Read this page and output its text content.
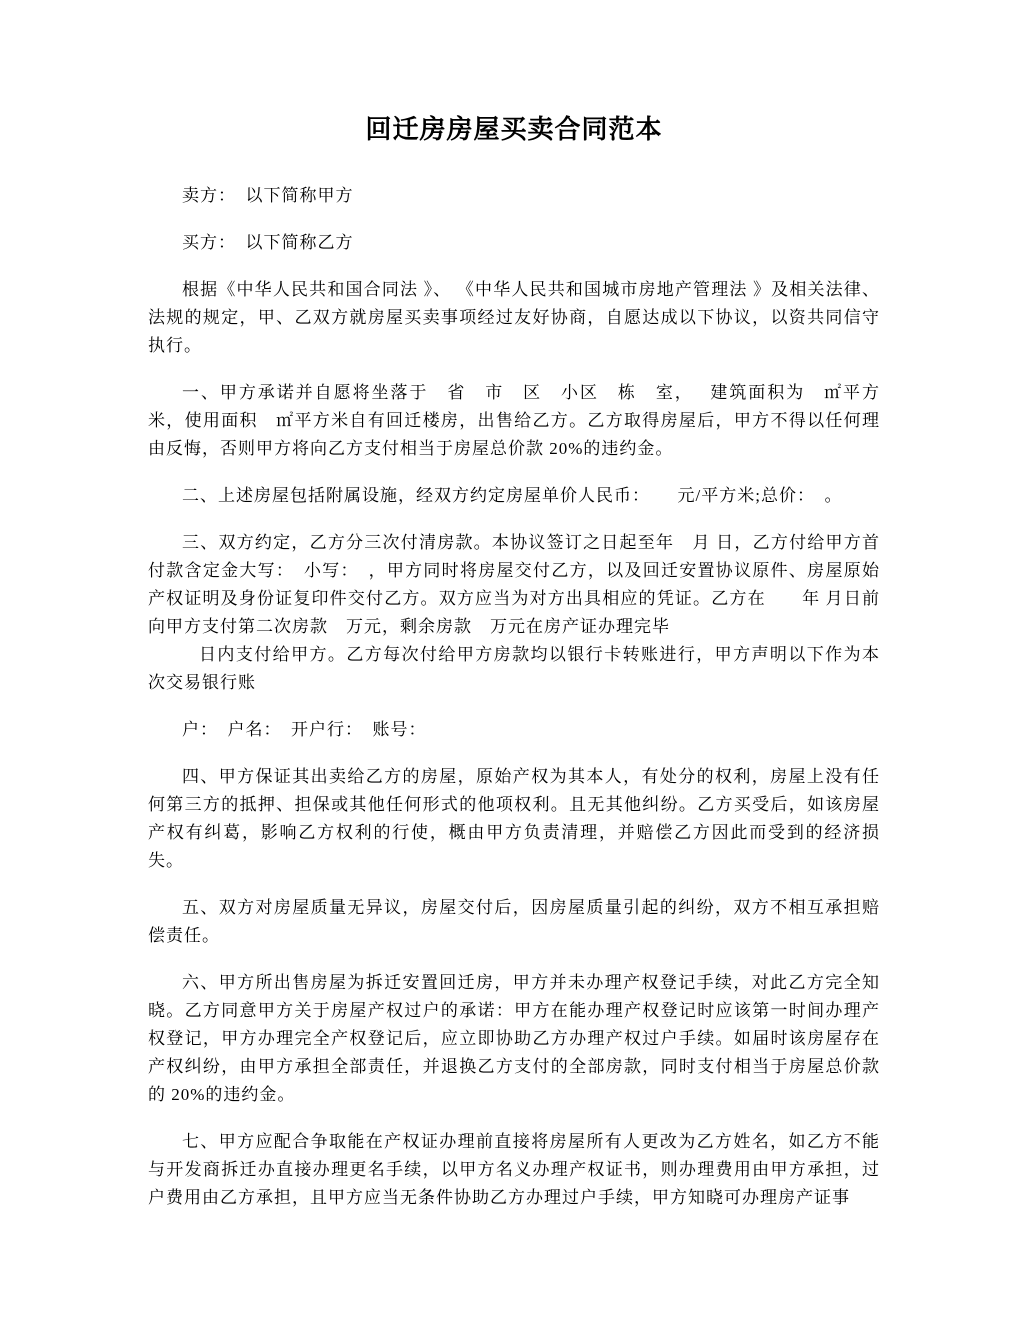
回迁房房屋买卖合同范本

卖方：　以下简称甲方

买方：　以下简称乙方

根据《中华人民共和国合同法 》、 《中华人民共和国城市房地产管理法 》及相关法律、法规的规定，甲、乙双方就房屋买卖事项经过友好协商，自愿达成以下协议，以资共同信守执行。

一、甲方承诺并自愿将坐落于　省　市　区　小区　栋　室，　 建筑面积为　㎡平方米，使用面积　㎡平方米自有回迁楼房，出售给乙方。乙方取得房屋后，甲方不得以任何理由反悔，否则甲方将向乙方支付相当于房屋总价款 20%的违约金。

二、上述房屋包括附属设施，经双方约定房屋单价人民币：　　元/平方米;总价：　。

三、双方约定，乙方分三次付清房款。本协议签订之日起至年　月 日，乙方付给甲方首付款含定金大写：　小写：　，甲方同时将房屋交付乙方，以及回迁安置协议原件、房屋原始产权证明及身份证复印件交付乙方。双方应当为对方出具相应的凭证。乙方在　　年 月日前向甲方支付第二次房款　万元，剩余房款　万元在房产证办理完毕

日内支付给甲方。乙方每次付给甲方房款均以银行卡转账进行，甲方声明以下作为本次交易银行账

户：　户名：　开户行：　账号：

四、甲方保证其出卖给乙方的房屋，原始产权为其本人，有处分的权利，房屋上没有任何第三方的抵押、担保或其他任何形式的他项权利。且无其他纠纷。乙方买受后，如该房屋产权有纠葛，影响乙方权利的行使，概由甲方负责清理，并赔偿乙方因此而受到的经济损失。

五、双方对房屋质量无异议，房屋交付后，因房屋质量引起的纠纷，双方不相互承担赔偿责任。

六、甲方所出售房屋为拆迁安置回迁房，甲方并未办理产权登记手续，对此乙方完全知晓。乙方同意甲方关于房屋产权过户的承诺：甲方在能办理产权登记时应该第一时间办理产权登记，甲方办理完全产权登记后，应立即协助乙方办理产权过户手续。如届时该房屋存在产权纠纷，由甲方承担全部责任，并退换乙方支付的全部房款，同时支付相当于房屋总价款的 20%的违约金。

七、甲方应配合争取能在产权证办理前直接将房屋所有人更改为乙方姓名，如乙方不能与开发商拆迁办直接办理更名手续，以甲方名义办理产权证书，则办理费用由甲方承担，过户费用由乙方承担，且甲方应当无条件协助乙方办理过户手续，甲方知晓可办理房产证事
